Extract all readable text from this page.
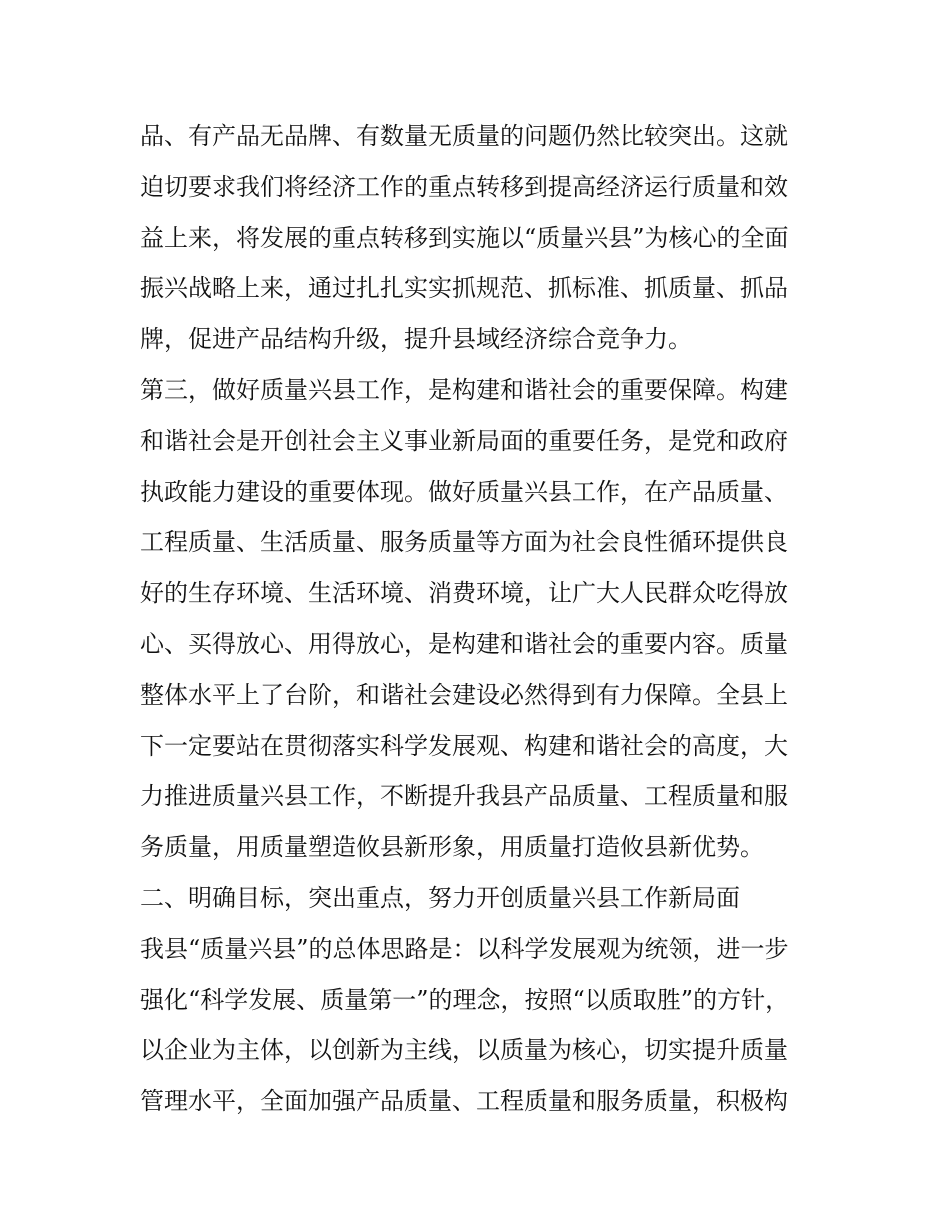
品、有产品无品牌、有数量无质量的问题仍然比较突出。这就
迫切要求我们将经济工作的重点转移到提高经济运行质量和效
益上来，将发展的重点转移到实施以“质量兴县”为核心的全面
振兴战略上来，通过扎扎实实抓规范、抓标准、抓质量、抓品
牌，促进产品结构升级，提升县域经济综合竞争力。
第三，做好质量兴县工作，是构建和谐社会的重要保障。构建
和谐社会是开创社会主义事业新局面的重要任务，是党和政府
执政能力建设的重要体现。做好质量兴县工作，在产品质量、
工程质量、生活质量、服务质量等方面为社会良性循环提供良
好的生存环境、生活环境、消费环境，让广大人民群众吃得放
心、买得放心、用得放心，是构建和谐社会的重要内容。质量
整体水平上了台阶，和谐社会建设必然得到有力保障。全县上
下一定要站在贯彻落实科学发展观、构建和谐社会的高度，大
力推进质量兴县工作，不断提升我县产品质量、工程质量和服
务质量，用质量塑造攸县新形象，用质量打造攸县新优势。
二、明确目标，突出重点，努力开创质量兴县工作新局面
我县“质量兴县”的总体思路是：以科学发展观为统领，进一步
强化“科学发展、质量第一”的理念，按照“以质取胜”的方针，
以企业为主体，以创新为主线，以质量为核心，切实提升质量
管理水平，全面加强产品质量、工程质量和服务质量，积极构
